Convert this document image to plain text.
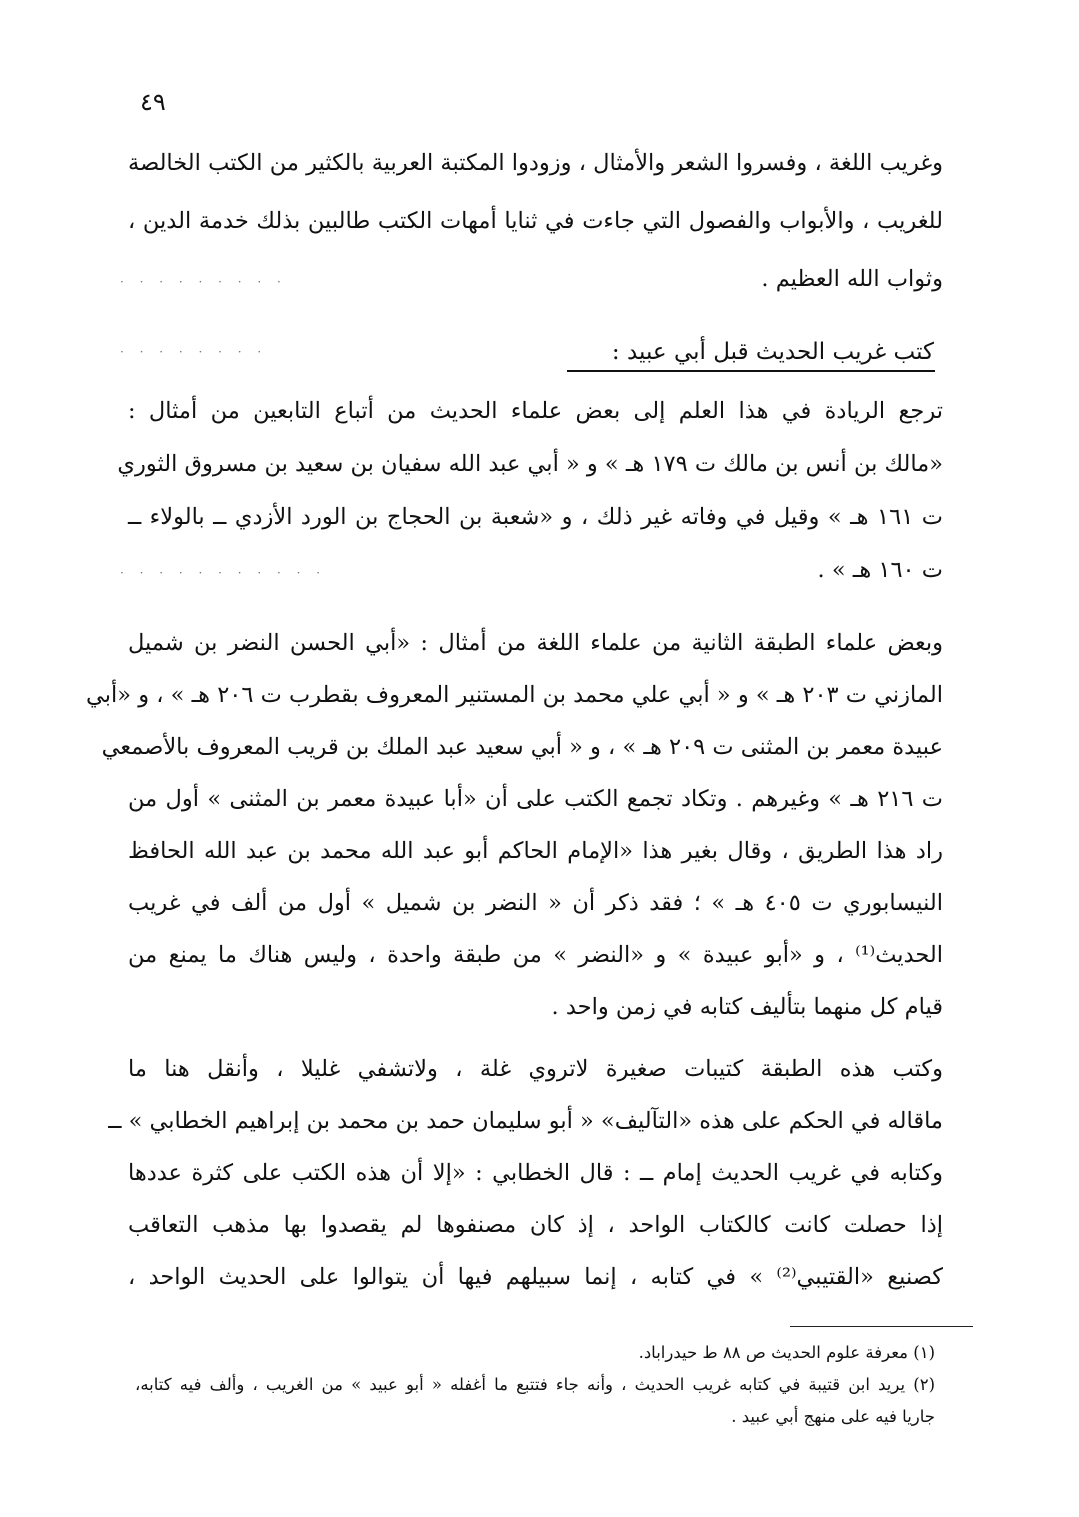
٤٩
وغريب اللغة ، وفسروا الشعر والأمثال ، وزودوا المكتبة العربية بالكثير من الكتب الخالصة
للغريب ، والأبواب والفصول التي جاءت في ثنايا أمهات الكتب طالبين بذلك خدمة الدين ،
وثواب الله العظيم .
· · · · · · · · ·
كتب غريب الحديث قبل أبي عبيد :
· · · · · · · ·
ترجع الريادة في هذا العلم إلى بعض علماء الحديث من أتباع التابعين من أمثال :
«مالك بن أنس بن مالك ت ١٧٩ هـ » و « أبي عبد الله سفيان بن سعيد بن مسروق الثوري
ت ١٦١ هـ » وقيل في وفاته غير ذلك ، و «شعبة بن الحجاج بن الورد الأزدي ــ بالولاء ــ
ت ١٦٠ هـ » .
· · · · · · · · · · ·
وبعض علماء الطبقة الثانية من علماء اللغة من أمثال : «أبي الحسن النضر بن شميل
المازني ت ٢٠٣ هـ » و « أبي علي محمد بن المستنير المعروف بقطرب ت ٢٠٦ هـ » ، و «أبي
عبيدة معمر بن المثنى ت ٢٠٩ هـ » ، و « أبي سعيد عبد الملك بن قريب المعروف بالأصمعي
ت ٢١٦ هـ » وغيرهم . وتكاد تجمع الكتب على أن «أبا عبيدة معمر بن المثنى » أول من
راد هذا الطريق ، وقال بغير هذا «الإمام الحاكم أبو عبد الله محمد بن عبد الله الحافظ
النيسابوري ت ٤٠٥ هـ » ؛ فقد ذكر أن « النضر بن شميل » أول من ألف في غريب
الحديث⁽¹⁾ ، و «أبو عبيدة » و «النضر » من طبقة واحدة ، وليس هناك ما يمنع من
قيام كل منهما بتأليف كتابه في زمن واحد .
وكتب هذه الطبقة كتيبات صغيرة لاتروي غلة ، ولاتشفي غليلا ، وأنقل هنا ما
ماقاله في الحكم على هذه «التآليف» « أبو سليمان حمد بن محمد بن إبراهيم الخطابي » ــ
وكتابه في غريب الحديث إمام ــ : قال الخطابي : «إلا أن هذه الكتب على كثرة عددها
إذا حصلت كانت كالكتاب الواحد ، إذ كان مصنفوها لم يقصدوا بها مذهب التعاقب
كصنيع «القتيبي⁽²⁾ » في كتابه ، إنما سبيلهم فيها أن يتوالوا على الحديث الواحد ،
(١) معرفة علوم الحديث ص ٨٨ ط حيدراباد.
(٢) يريد ابن قتيبة في كتابه غريب الحديث ، وأنه جاء فتتبع ما أغفله « أبو عبيد » من الغريب ، وألف فيه كتابه،
جاريا فيه على منهج أبي عبيد .
